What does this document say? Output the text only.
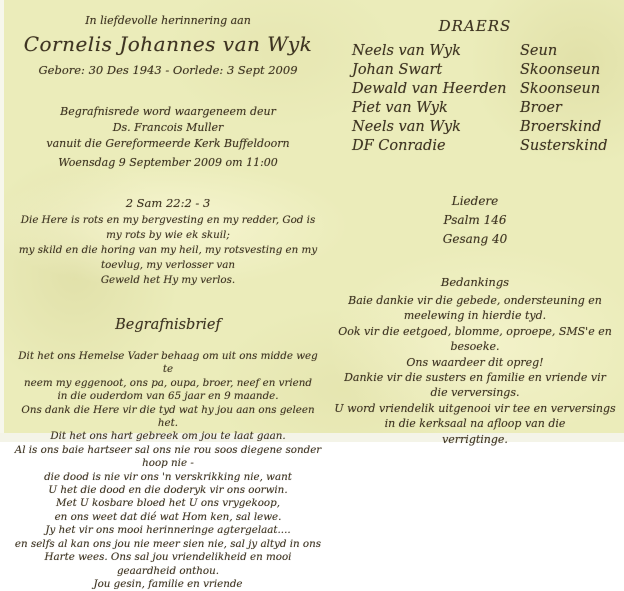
In liefdevolle herinnering aan
Cornelis Johannes van Wyk
Gebore: 30 Des 1943 - Oorlede: 3 Sept 2009
Begrafnisrede word waargeneem deur
Ds. Francois Muller
vanuit die Gereformeerde Kerk Buffeldoorn
Woensdag 9 September 2009 om 11:00
2 Sam 22:2 - 3
Die Here is rots en my bergvesting en my redder, God is my rots by wie ek skuil;
my skild en die horing van my heil, my rotsvesting en my toevlug, my verlosser van
Geweld het Hy my verlos.
Begrafnisbrief
Dit het ons Hemelse Vader behaag om uit ons midde weg te
neem my eggenoot, ons pa, oupa, broer, neef en vriend
in die ouderdom van 65 jaar en 9 maande.
Ons dank die Here vir die tyd wat hy jou aan ons geleen het.
Dit het ons hart gebreek om jou te laat gaan.
Al is ons baie hartseer sal ons nie rou soos diegene sonder hoop nie -
die dood is nie vir ons 'n verskrikking nie, want
U het die dood en die doderyk vir ons oorwin.
Met U kosbare bloed het U ons vrygekoop,
en ons weet dat dié wat Hom ken, sal lewe.
Jy het vir ons mooi herinneringe agtergelaat....
en selfs al kan ons jou nie meer sien nie, sal jy altyd in ons
Harte wees. Ons sal jou vriendelikheid en mooi geaardheid onthou.
Jou gesin, familie en vriende
DRAERS
Neels van Wyk	Seun
Johan Swart	Skoonseun
Dewald van Heerden Skoonseun
Piet van Wyk	Broer
Neels van Wyk	Broerskind
DF Conradie	Susterskind
Liedere
Psalm 146
Gesang 40
Bedankings
Baie dankie vir die gebede, ondersteuning en meelewing in hierdie tyd.
Ook vir die eetgoed, blomme, oproepe, SMS'e en besoeke.
Ons waardeer dit opreg!
Dankie vir die susters en familie en vriende vir die verversings.
U word vriendelik uitgenooi vir tee en verversings
in die kerksaal na afloop van die
verrigtinge.
